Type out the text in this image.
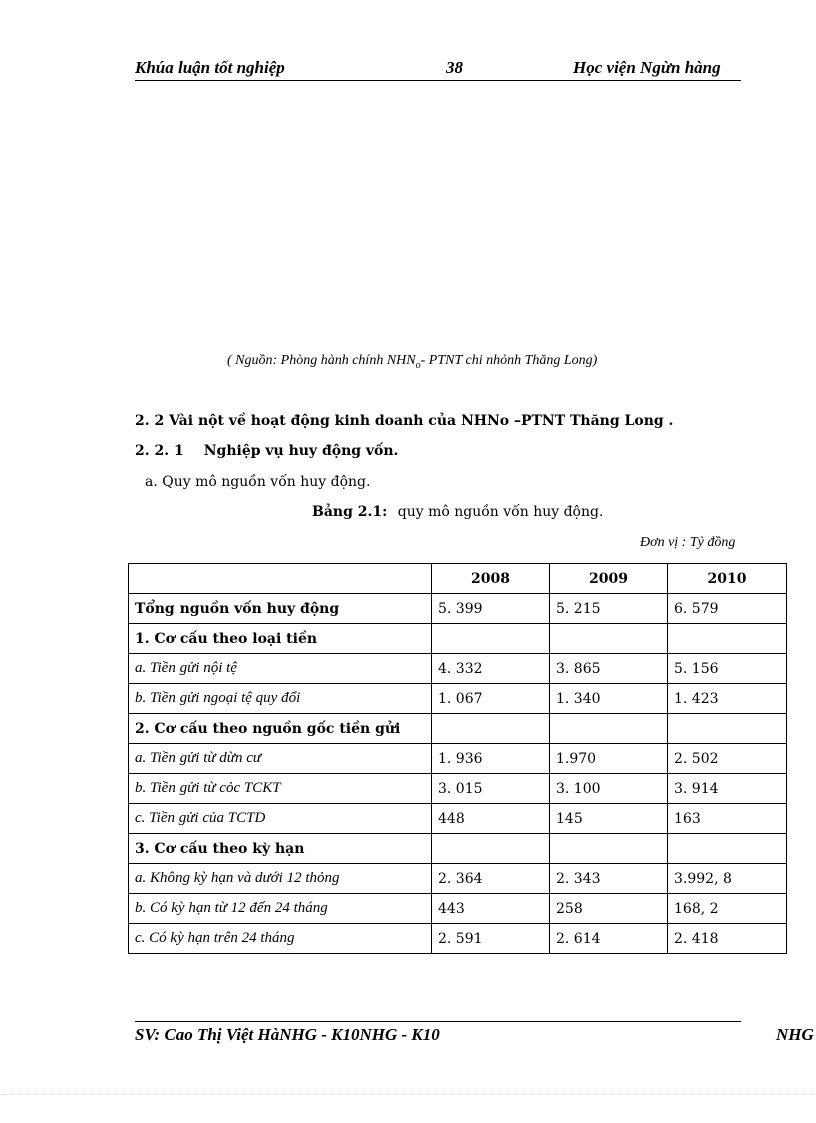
Khúa luận tốt nghiệp	38	Học viện Ngừn hàng
( Nguồn: Phòng hành chính $NHN_o-$ PTNT chi nhỏnh Thăng Long)
2. 2 Vài nột về hoạt động kinh doanh của NHNo –PTNT Thăng Long .
2. 2. 1 Nghiệp vụ huy động vốn.
a. Quy mô nguồn vốn huy động.
Bảng 2.1: quy mô nguồn vốn huy động.
Đơn vị : Tỷ đồng
	2008	2009	2010
Tổng nguồn vốn huy động	5. 399	5. 215	6. 579
1. Cơ cấu theo loại tiền			
a. Tiền gửi nội tệ	4. 332	3. 865	5. 156
b. Tiền gửi ngoại tệ quy đổi	1. 067	1. 340	1. 423
2. Cơ cấu theo nguồn gốc tiền gửi			
a. Tiền gửi từ dừn cư	1. 936	1.970	2. 502
b. Tiền gửi từ cỏc TCKT	3. 015	3. 100	3. 914
c. Tiền gửi của TCTD	448	145	163
3. Cơ cấu theo kỳ hạn			
a. Không kỳ hạn và dưới 12 thỏng	2. 364	2. 343	3.992, 8
b. Có kỳ hạn từ 12 đến 24 tháng	443	258	168, 2
c. Có kỳ hạn trên 24 tháng	2. 591	2. 614	2. 418
SV: Cao Thị Việt HàNHG - K10NHG - K10	NHG
